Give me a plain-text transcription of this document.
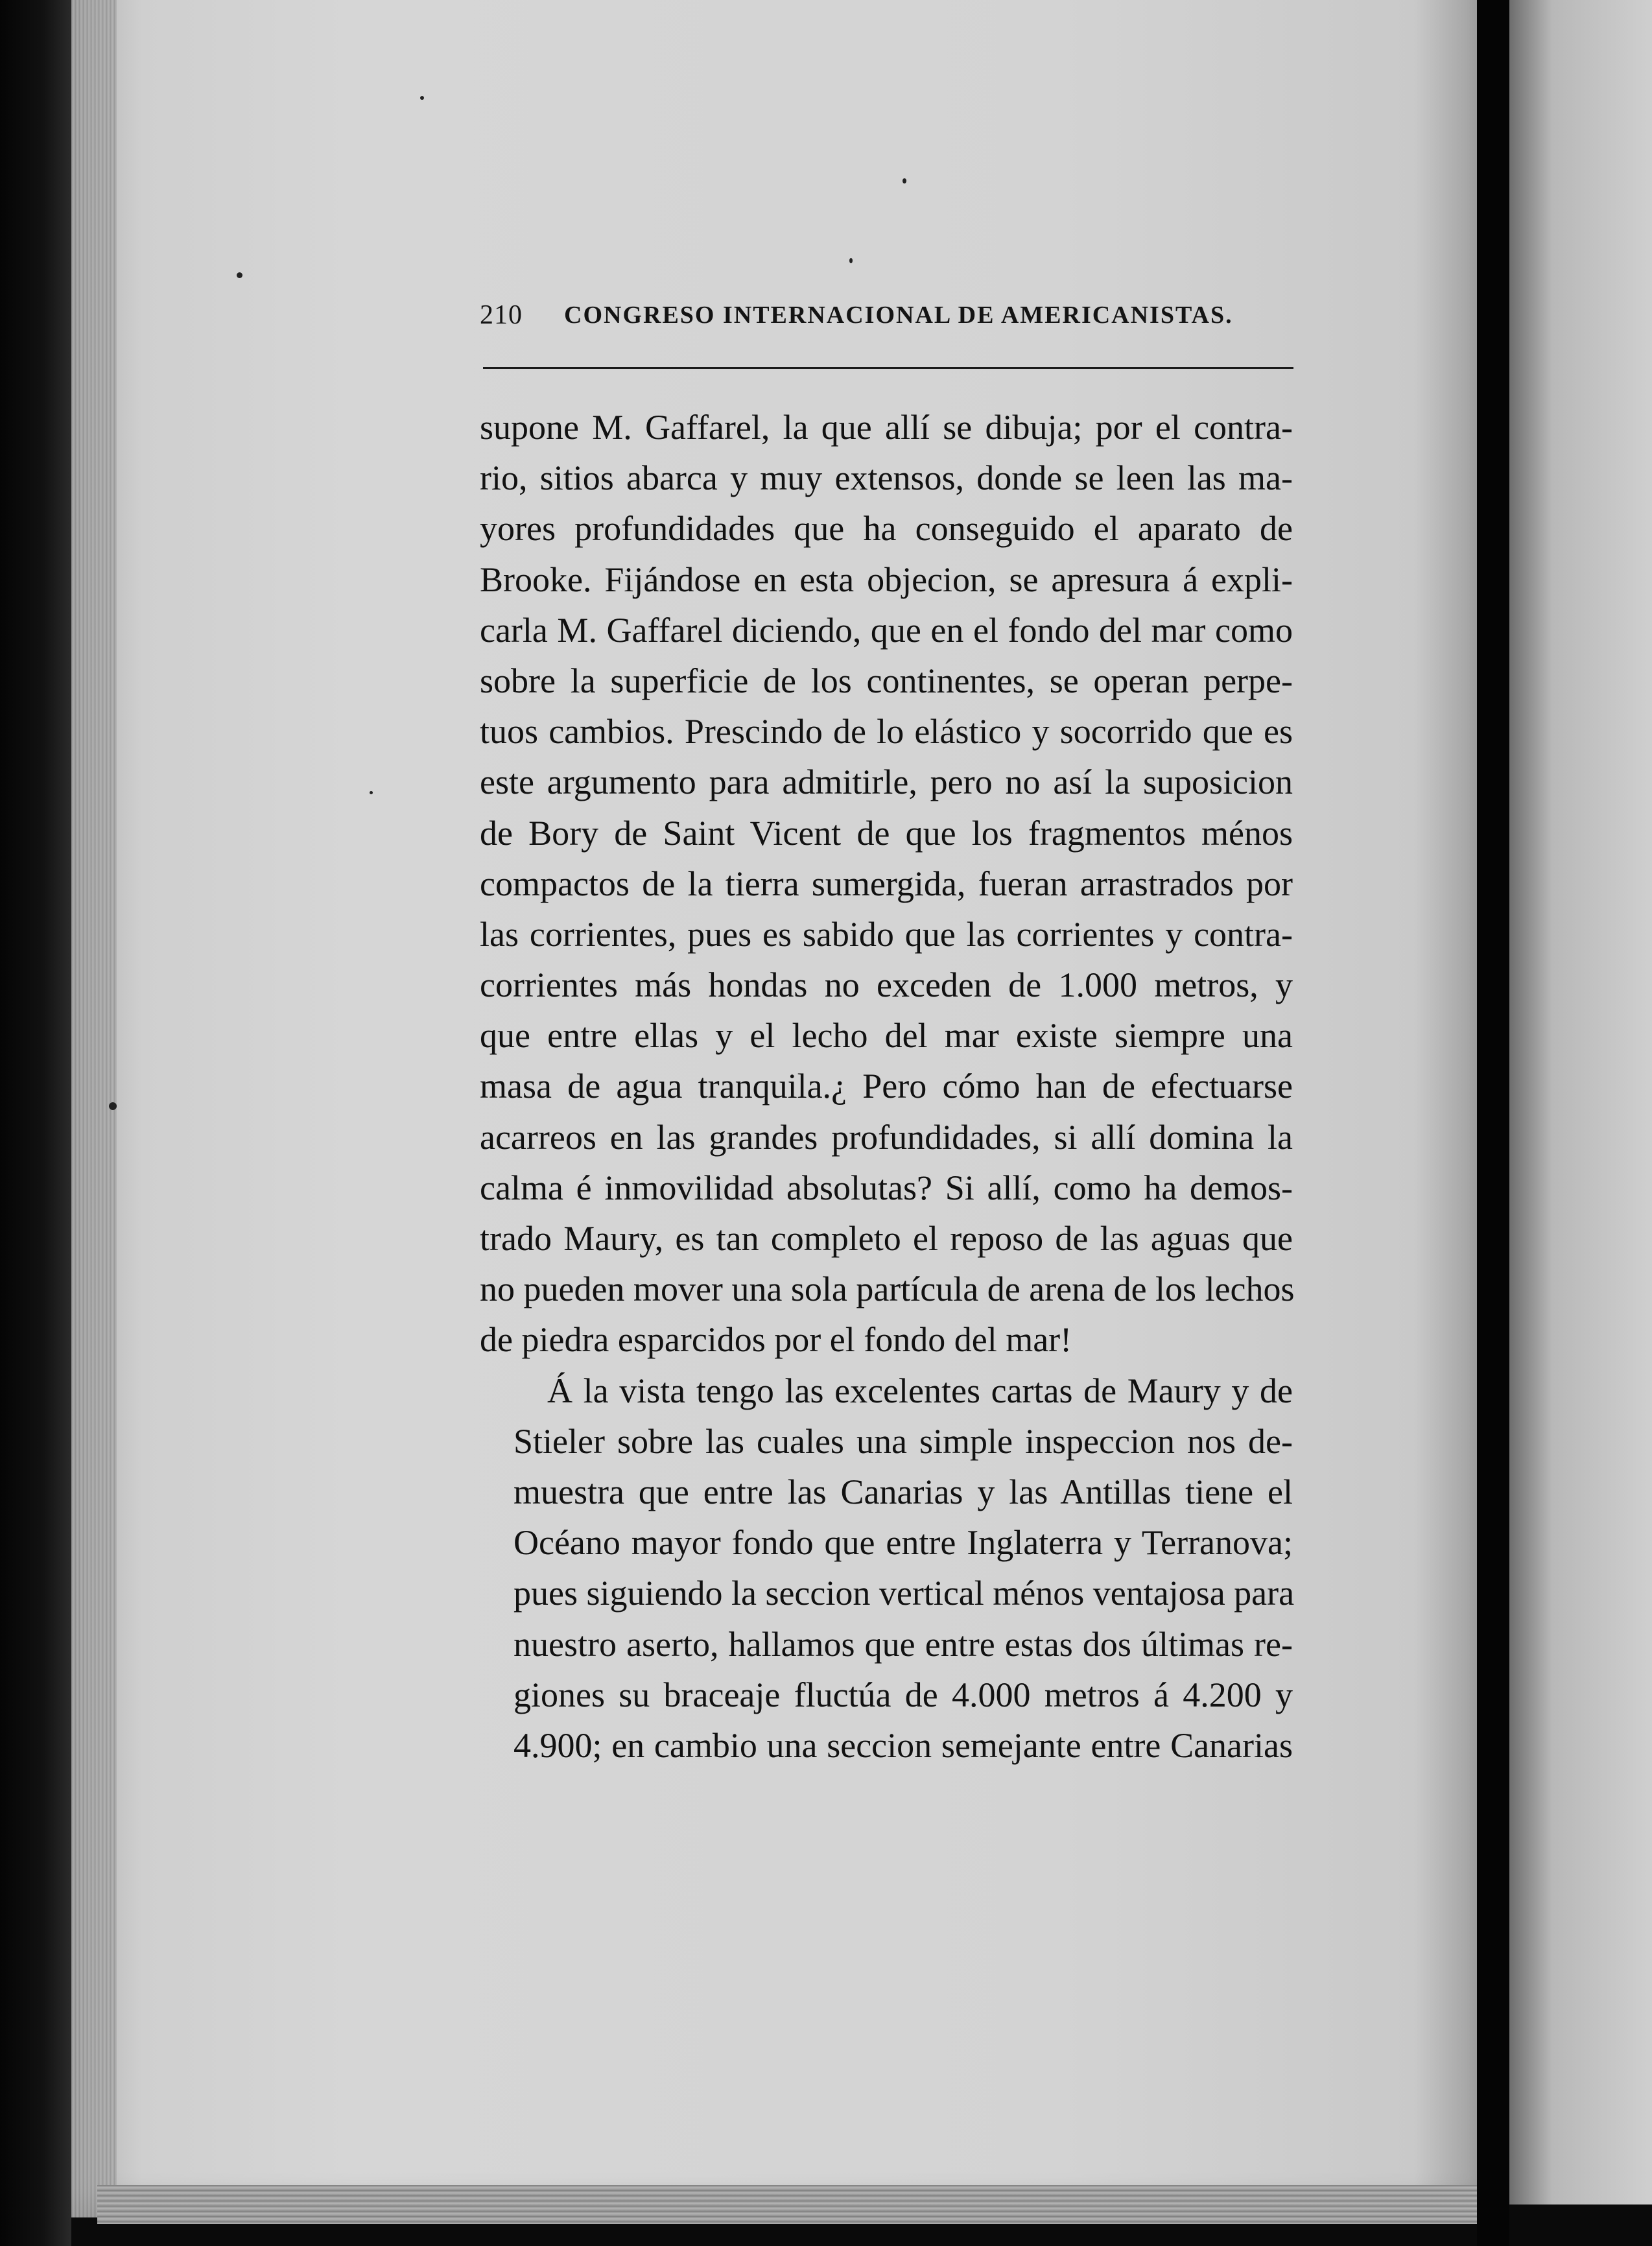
210 CONGRESO INTERNACIONAL DE AMERICANISTAS.

supone M. Gaffarel, la que allí se dibuja; por el contra-
rio, sitios abarca y muy extensos, donde se leen las ma-
yores profundidades que ha conseguido el aparato de
Brooke. Fijándose en esta objecion, se apresura á expli-
carla M. Gaffarel diciendo, que en el fondo del mar como
sobre la superficie de los continentes, se operan perpe-
tuos cambios. Prescindo de lo elástico y socorrido que es
este argumento para admitirle, pero no así la suposicion
de Bory de Saint Vicent de que los fragmentos ménos
compactos de la tierra sumergida, fueran arrastrados por
las corrientes, pues es sabido que las corrientes y contra-
corrientes más hondas no exceden de 1.000 metros, y
que entre ellas y el lecho del mar existe siempre una
masa de agua tranquila.¿ Pero cómo han de efectuarse
acarreos en las grandes profundidades, si allí domina la
calma é inmovilidad absolutas? Si allí, como ha demos-
trado Maury, es tan completo el reposo de las aguas que
no pueden mover una sola partícula de arena de los lechos
de piedra esparcidos por el fondo del mar!

Á la vista tengo las excelentes cartas de Maury y de
Stieler sobre las cuales una simple inspeccion nos de-
muestra que entre las Canarias y las Antillas tiene el
Océano mayor fondo que entre Inglaterra y Terranova;
pues siguiendo la seccion vertical ménos ventajosa para
nuestro aserto, hallamos que entre estas dos últimas re-
giones su braceaje fluctúa de 4.000 metros á 4.200 y
4.900; en cambio una seccion semejante entre Canarias
